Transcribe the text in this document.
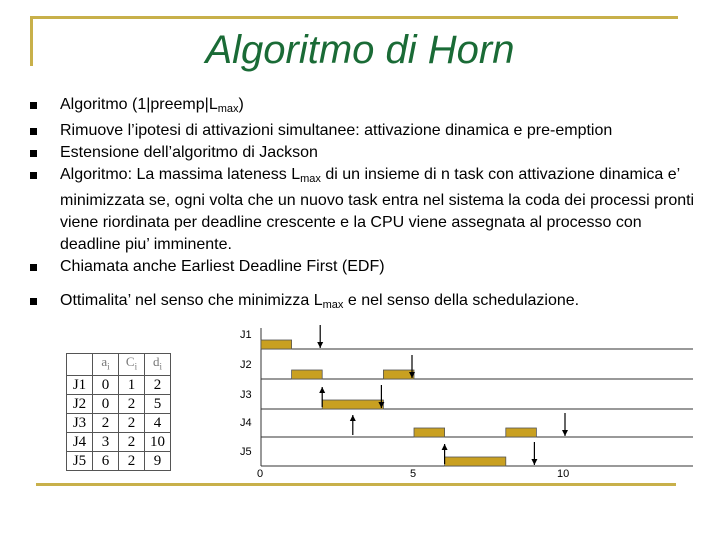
Algoritmo di Horn
Algoritmo $(1|preemp|L_{max})$
Rimuove l’ipotesi di attivazioni simultanee: attivazione dinamica e pre-emption
Estensione dell’algoritmo di Jackson
Algoritmo: La massima lateness $L_{max}$ di un insieme di n task con attivazione dinamica e’ minimizzata se, ogni volta che un nuovo task entra nel sistema la coda dei processi pronti viene riordinata per deadline crescente e la CPU viene assegnata al processo con deadline piu’ imminente.
Chiamata anche Earliest Deadline First (EDF)
Ottimalita’ nel senso che minimizza $L_{max}$ e nel senso della schedulazione.
	$a_i$	$C_i$	$d_i$
J1	0	1	2
J2	0	2	5
J3	2	2	4
J4	3	2	10
J5	6	2	9
J1
J2
J3
J4
J5
0	5	10
